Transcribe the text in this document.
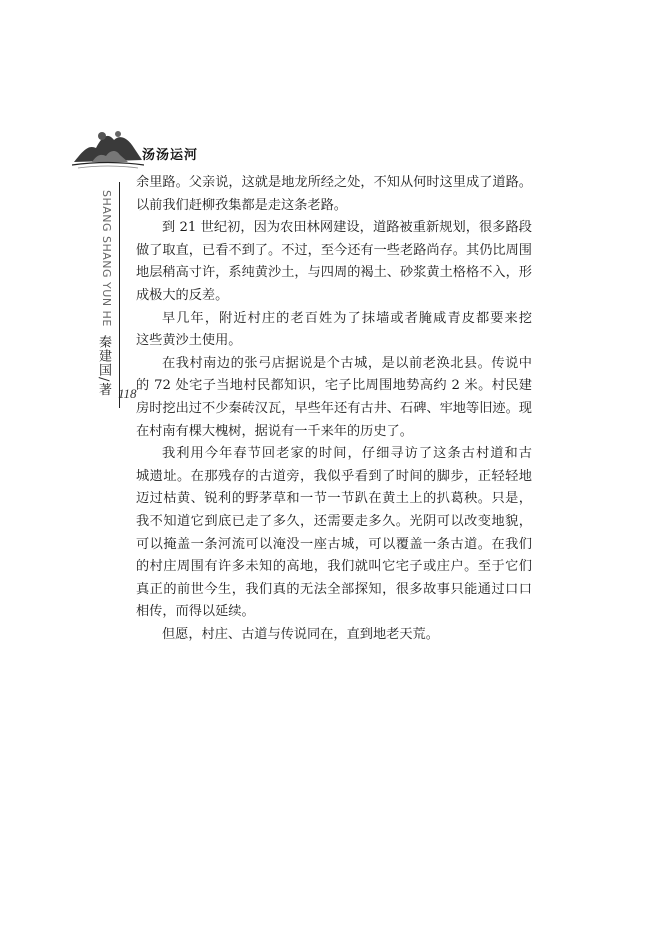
汤汤运河
SHANG SHANG YUN HE
秦建国/著 118
余里路。父亲说，这就是地龙所经之处，不知从何时这里成了道路。
以前我们赶柳孜集都是走这条老路。
到 21 世纪初，因为农田林网建设，道路被重新规划，很多路段
做了取直，已看不到了。不过，至今还有一些老路尚存。其仍比周围
地层稍高寸许，系纯黄沙土，与四周的褐土、砂浆黄土格格不入，形
成极大的反差。
早几年，附近村庄的老百姓为了抹墙或者腌咸青皮都要来挖
这些黄沙土使用。
在我村南边的张弓店据说是个古城，是以前老涣北县。传说中
的 72 处宅子当地村民都知识，宅子比周围地势高约 2 米。村民建
房时挖出过不少秦砖汉瓦，早些年还有古井、石碑、牢地等旧迹。现
在村南有棵大槐树，据说有一千来年的历史了。
我利用今年春节回老家的时间，仔细寻访了这条古村道和古
城遗址。在那残存的古道旁，我似乎看到了时间的脚步，正轻轻地
迈过枯黄、锐利的野茅草和一节一节趴在黄土上的扒葛秧。只是，
我不知道它到底已走了多久，还需要走多久。光阴可以改变地貌，
可以掩盖一条河流可以淹没一座古城，可以覆盖一条古道。在我们
的村庄周围有许多未知的高地，我们就叫它宅子或庄户。至于它们
真正的前世今生，我们真的无法全部探知，很多故事只能通过口口
相传，而得以延续。
但愿，村庄、古道与传说同在，直到地老天荒。
